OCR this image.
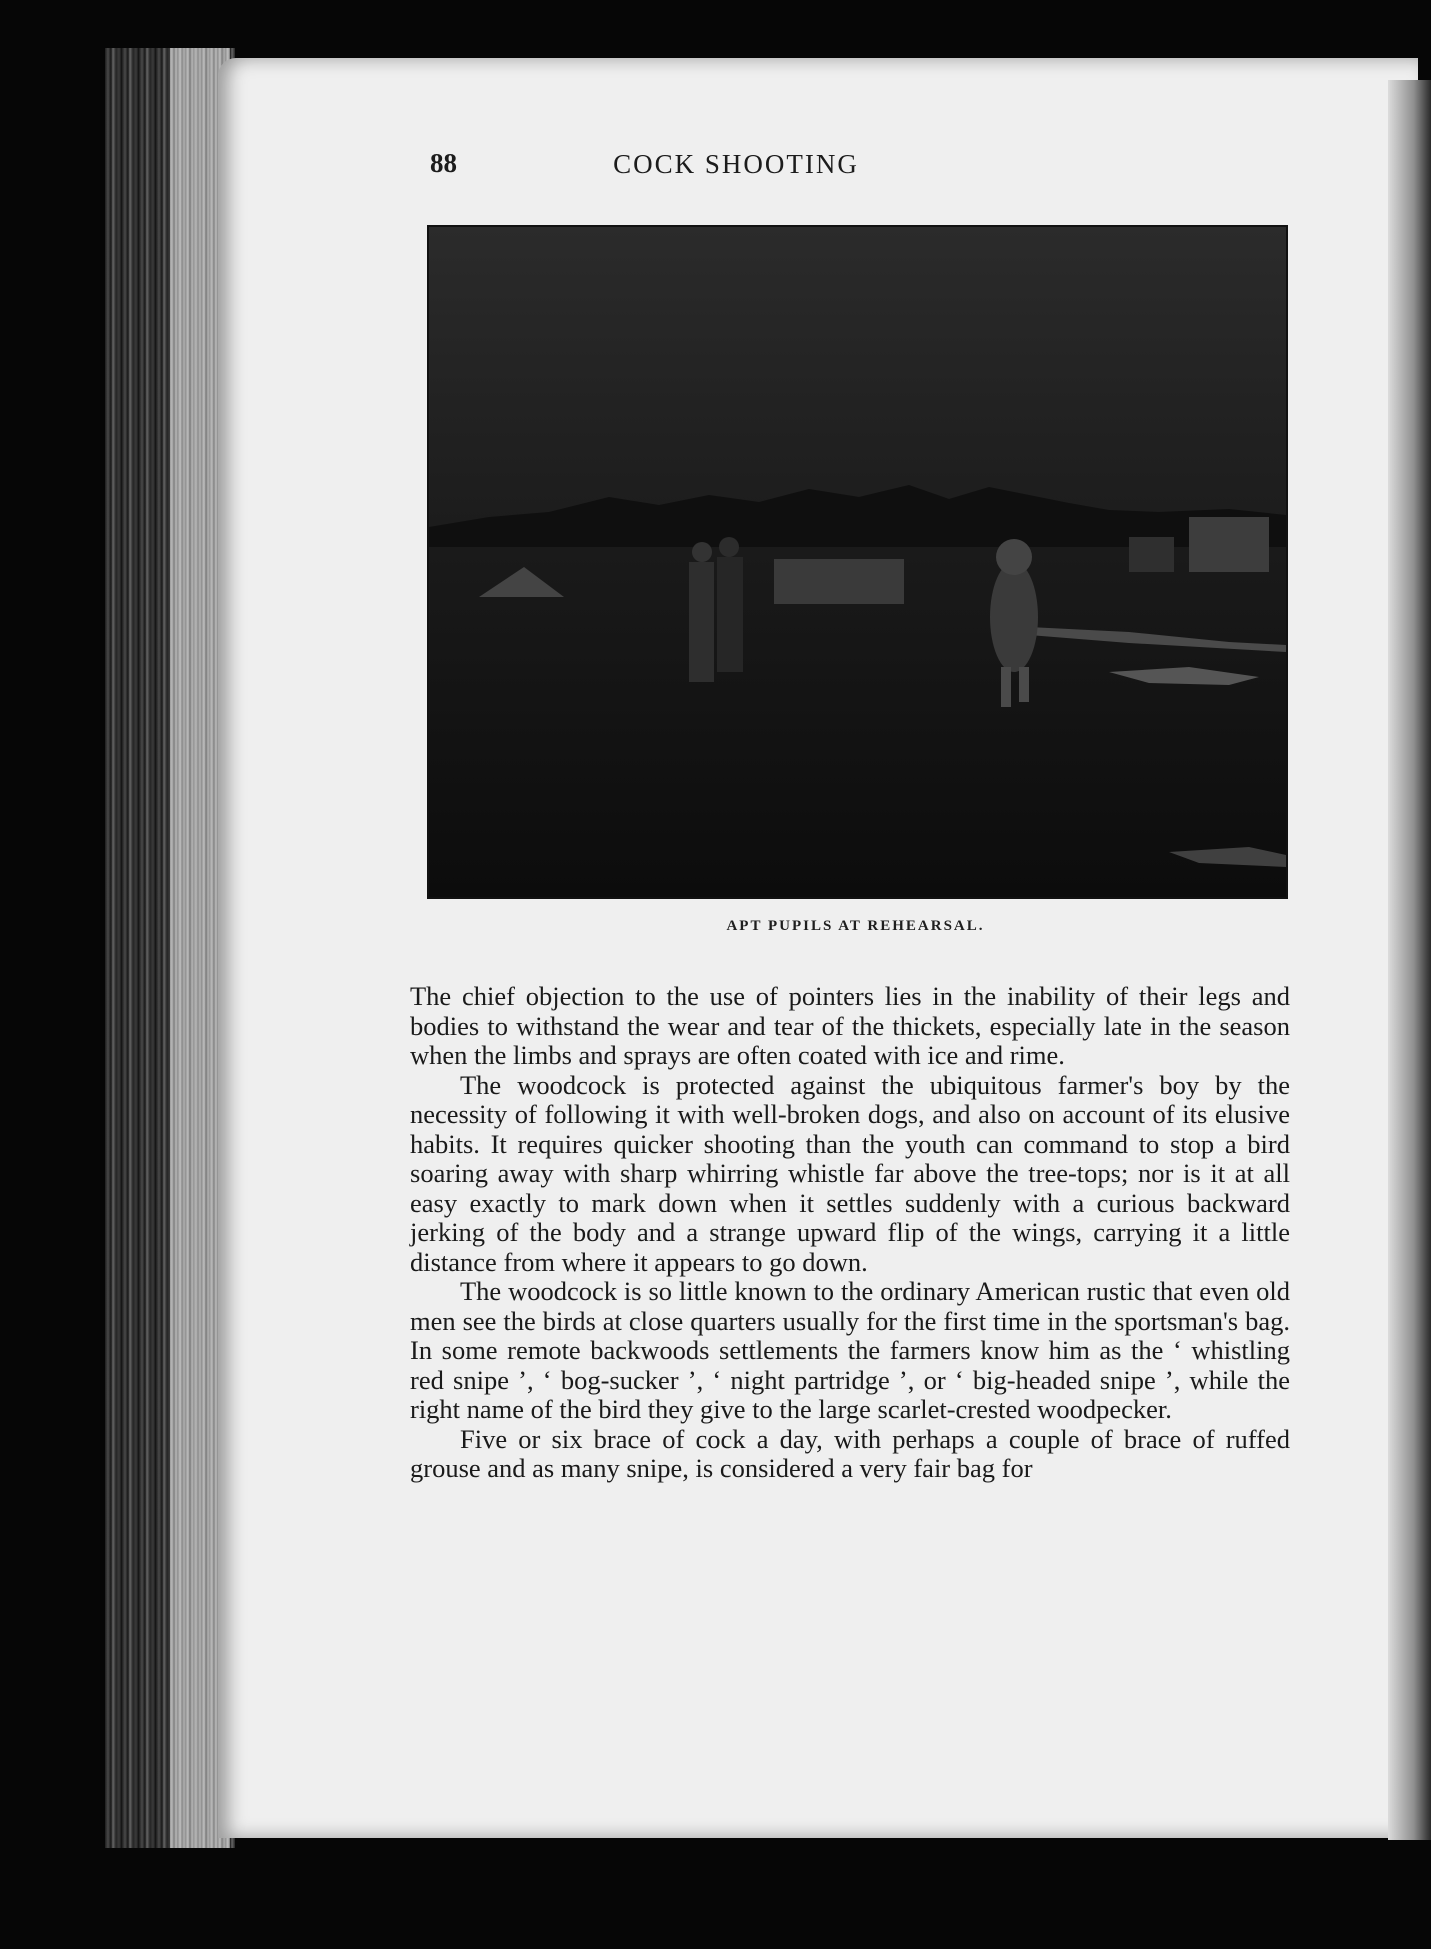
88	COCK SHOOTING
APT PUPILS AT REHEARSAL.

The chief objection to the use of pointers lies in the inability of their legs and bodies to withstand the wear and tear of the thickets, especially late in the season when the limbs and sprays are often coated with ice and rime.

The woodcock is protected against the ubiquitous farmer's boy by the necessity of following it with well-broken dogs, and also on account of its elusive habits. It requires quicker shooting than the youth can command to stop a bird soaring away with sharp whirring whistle far above the tree-tops; nor is it at all easy exactly to mark down when it settles suddenly with a curious backward jerking of the body and a strange upward flip of the wings, carrying it a little distance from where it appears to go down.

The woodcock is so little known to the ordinary American rustic that even old men see the birds at close quarters usually for the first time in the sportsman's bag. In some remote backwoods settlements the farmers know him as the ‘ whistling red snipe ’, ‘ bog-sucker ’, ‘ night partridge ’, or ‘ big-headed snipe ’, while the right name of the bird they give to the large scarlet-crested woodpecker.

Five or six brace of cock a day, with perhaps a couple of brace of ruffed grouse and as many snipe, is considered a very fair bag for
